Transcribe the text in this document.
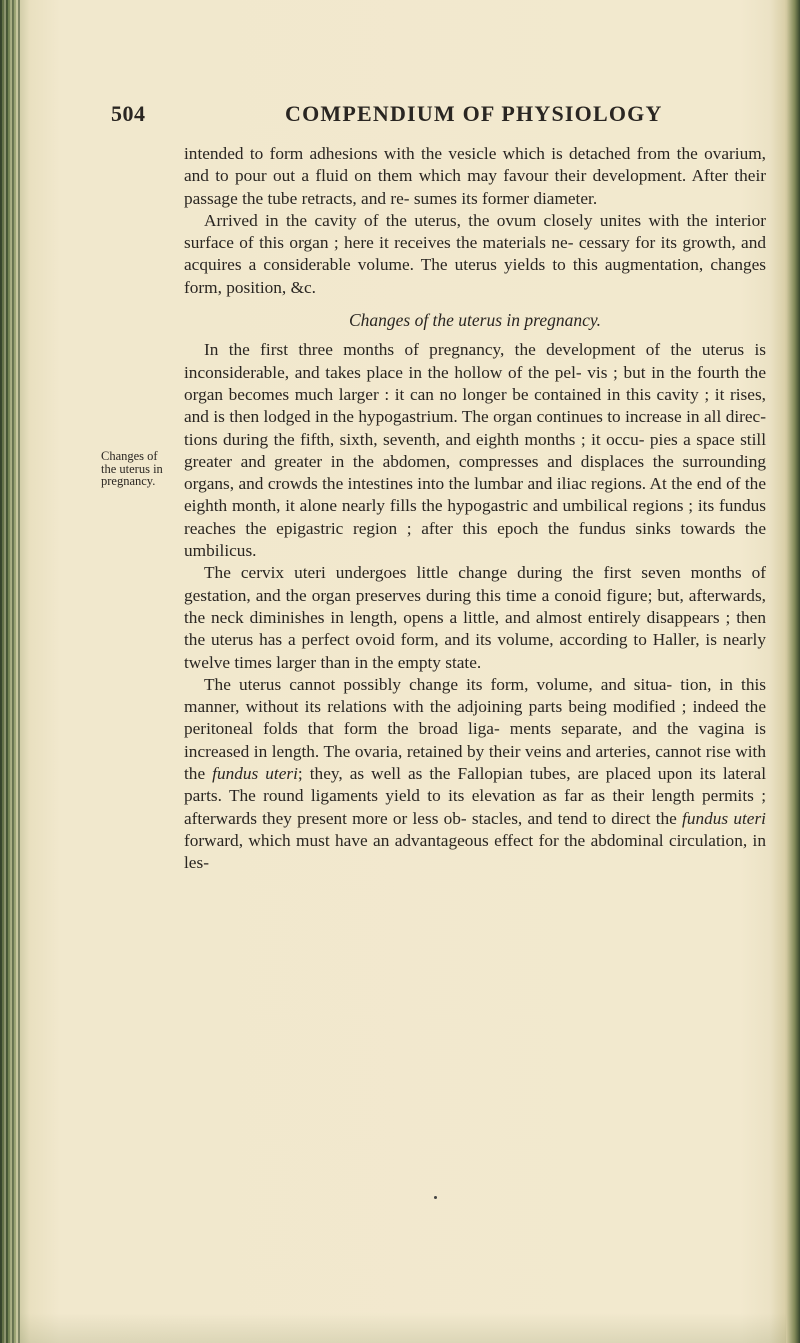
504	COMPENDIUM OF PHYSIOLOGY
Changes of
the uterus in
pregnancy.

intended to form adhesions with the vesicle which is detached from the ovarium, and to pour out a fluid on them which may favour their development. After their passage the tube retracts, and re- sumes its former diameter.

Arrived in the cavity of the uterus, the ovum closely unites with the interior surface of this organ ; here it receives the materials ne- cessary for its growth, and acquires a considerable volume. The uterus yields to this augmentation, changes form, position, &c.

Changes of the uterus in pregnancy.

In the first three months of pregnancy, the development of the uterus is inconsiderable, and takes place in the hollow of the pel- vis ; but in the fourth the organ becomes much larger : it can no longer be contained in this cavity ; it rises, and is then lodged in the hypogastrium. The organ continues to increase in all direc- tions during the fifth, sixth, seventh, and eighth months ; it occu- pies a space still greater and greater in the abdomen, compresses and displaces the surrounding organs, and crowds the intestines into the lumbar and iliac regions. At the end of the eighth month, it alone nearly fills the hypogastric and umbilical regions ; its fundus reaches the epigastric region ; after this epoch the fundus sinks towards the umbilicus.

The cervix uteri undergoes little change during the first seven months of gestation, and the organ preserves during this time a conoid figure; but, afterwards, the neck diminishes in length, opens a little, and almost entirely disappears ; then the uterus has a perfect ovoid form, and its volume, according to Haller, is nearly twelve times larger than in the empty state.

The uterus cannot possibly change its form, volume, and situa- tion, in this manner, without its relations with the adjoining parts being modified ; indeed the peritoneal folds that form the broad liga- ments separate, and the vagina is increased in length. The ovaria, retained by their veins and arteries, cannot rise with the fundus uteri; they, as well as the Fallopian tubes, are placed upon its lateral parts. The round ligaments yield to its elevation as far as their length permits ; afterwards they present more or less ob- stacles, and tend to direct the fundus uteri forward, which must have an advantageous effect for the abdominal circulation, in les-
